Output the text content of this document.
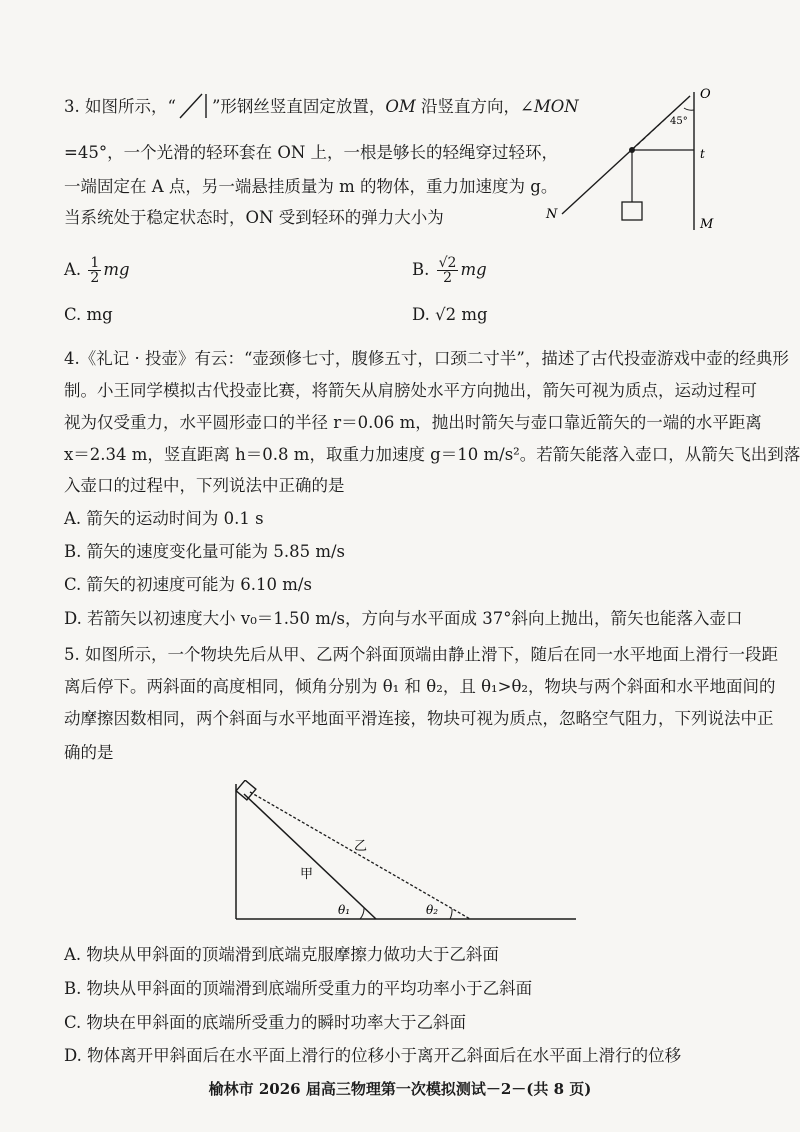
3. 如图所示，“ ”形钢丝竖直固定放置，OM 沿竖直方向，∠MON
=45°，一个光滑的轻环套在 ON 上，一根是够长的轻绳穿过轻环，
一端固定在 A 点，另一端悬挂质量为 m 的物体，重力加速度为 g。
当系统处于稳定状态时，ON 受到轻环的弹力大小为
A. $\frac{1}{2}$ mg	B. $\frac{√2}{2}$ mg
C. mg	D. √2 mg
O
45°
t
N
M
4.《礼记 · 投壶》有云：“壶颈修七寸，腹修五寸，口颈二寸半”，描述了古代投壶游戏中壶的经典形
制。小王同学模拟古代投壶比赛，将箭矢从肩膀处水平方向抛出，箭矢可视为质点，运动过程可
视为仅受重力，水平圆形壶口的半径 r＝0.06 m，抛出时箭矢与壶口靠近箭矢的一端的水平距离
x＝2.34 m，竖直距离 h＝0.8 m，取重力加速度 g＝10 m/s²。若箭矢能落入壶口，从箭矢飞出到落
入壶口的过程中，下列说法中正确的是
A. 箭矢的运动时间为 0.1 s
B. 箭矢的速度变化量可能为 5.85 m/s
C. 箭矢的初速度可能为 6.10 m/s
D. 若箭矢以初速度大小 v₀＝1.50 m/s，方向与水平面成 37°斜向上抛出，箭矢也能落入壶口
5. 如图所示，一个物块先后从甲、乙两个斜面顶端由静止滑下，随后在同一水平地面上滑行一段距
离后停下。两斜面的高度相同，倾角分别为 θ₁ 和 θ₂，且 θ₁>θ₂，物块与两个斜面和水平地面间的
动摩擦因数相同，两个斜面与水平地面平滑连接，物块可视为质点，忽略空气阻力，下列说法中正
确的是
甲
乙
θ₁	θ₂
A. 物块从甲斜面的顶端滑到底端克服摩擦力做功大于乙斜面
B. 物块从甲斜面的顶端滑到底端所受重力的平均功率小于乙斜面
C. 物块在甲斜面的底端所受重力的瞬时功率大于乙斜面
D. 物体离开甲斜面后在水平面上滑行的位移小于离开乙斜面后在水平面上滑行的位移
榆林市 2026 届高三物理第一次模拟测试－2－(共 8 页)
